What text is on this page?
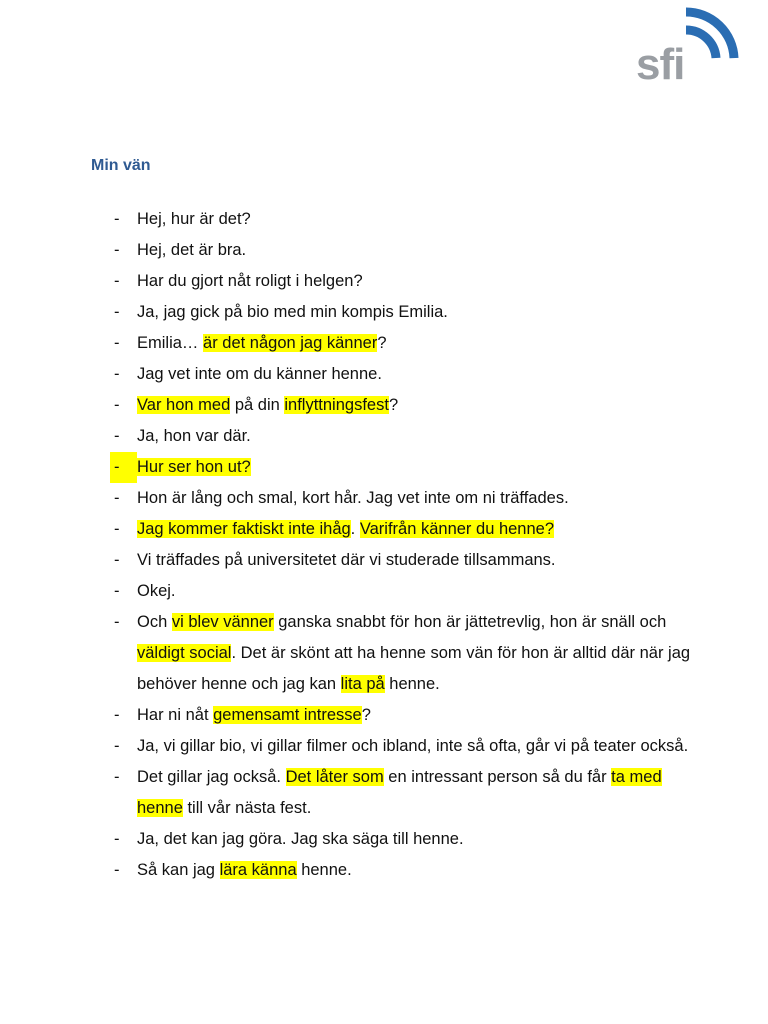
sfi
Min vän
-	Hej, hur är det?
-	Hej, det är bra.
-	Har du gjort nåt roligt i helgen?
-	Ja, jag gick på bio med min kompis Emilia.
-	Emilia… är det någon jag känner?
-	Jag vet inte om du känner henne.
-	Var hon med på din inflyttningsfest?
-	Ja, hon var där.
-	Hur ser hon ut?
-	Hon är lång och smal, kort hår. Jag vet inte om ni träffades.
-	Jag kommer faktiskt inte ihåg. Varifrån känner du henne?
-	Vi träffades på universitetet där vi studerade tillsammans.
-	Okej.
-	Och vi blev vänner ganska snabbt för hon är jättetrevlig, hon är snäll och väldigt social. Det är skönt att ha henne som vän för hon är alltid där när jag behöver henne och jag kan lita på henne.
-	Har ni nåt gemensamt intresse?
-	Ja, vi gillar bio, vi gillar filmer och ibland, inte så ofta, går vi på teater också.
-	Det gillar jag också. Det låter som en intressant person så du får ta med henne till vår nästa fest.
-	Ja, det kan jag göra. Jag ska säga till henne.
-	Så kan jag lära känna henne.
